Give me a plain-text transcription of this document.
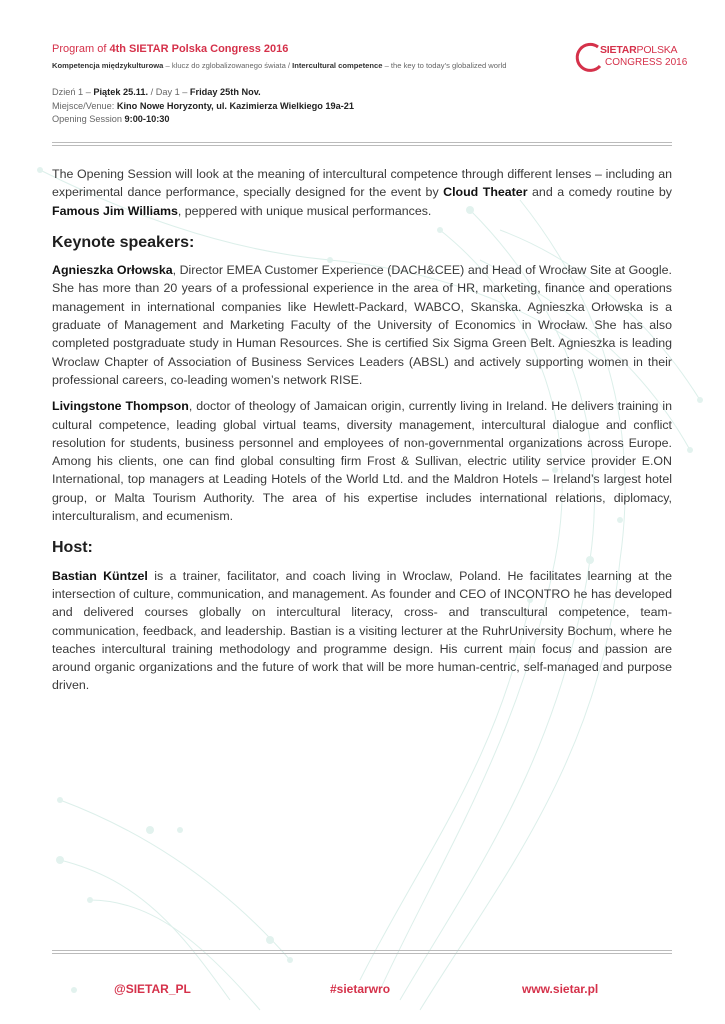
Program of 4th SIETAR Polska Congress 2016
Kompetencja międzykulturowa – klucz do zglobalizowanego świata / Intercultural competence – the key to today’s globalized world
Dzień 1 – Piątek 25.11. / Day 1 – Friday 25th Nov.
Miejsce/Venue: Kino Nowe Horyzonty, ul. Kazimierza Wielkiego 19a-21
Opening Session 9:00-10:30
SIETARPOLSKA
CONGRESS 2016

The Opening Session will look at the meaning of intercultural competence through different lenses – including an experimental dance performance, specially designed for the event by Cloud Theater and a comedy routine by Famous Jim Williams, peppered with unique musical performances.

Keynote speakers:

Agnieszka Orłowska, Director EMEA Customer Experience (DACH&CEE) and Head of Wrocław Site at Google. She has more than 20 years of a professional experience in the area of HR, marketing, finance and operations management in international companies like Hewlett-Packard, WABCO, Skanska. Agnieszka Orłowska is a graduate of Management and Marketing Faculty of the University of Economics in Wrocław. She has also completed postgraduate study in Human Resources. She is certified Six Sigma Green Belt. Agnieszka is leading Wroclaw Chapter of Association of Business Services Leaders (ABSL) and actively supporting women in their professional careers, co-leading women’s network RISE.

Livingstone Thompson, doctor of theology of Jamaican origin, currently living in Ireland. He delivers training in cultural competence, leading global virtual teams, diversity management, intercultural dialogue and conflict resolution for students, business personnel and employees of non-governmental organizations across Europe. Among his clients, one can find global consulting firm Frost & Sullivan, electric utility service provider E.ON International, top managers at Leading Hotels of the World Ltd. and the Maldron Hotels – Ireland’s largest hotel group, or Malta Tourism Authority. The area of his expertise includes international relations, diplomacy, interculturalism, and ecumenism.

Host:

Bastian Küntzel is a trainer, facilitator, and coach living in Wroclaw, Poland. He facilitates learning at the intersection of culture, communication, and management. As founder and CEO of INCONTRO he has developed and delivered courses globally on intercultural literacy, cross- and transcultural competence, team-communication, feedback, and leadership. Bastian is a visiting lecturer at the RuhrUniversity Bochum, where he teaches intercultural training methodology and programme design. His current main focus and passion are around organic organizations and the future of work that will be more human-centric, self-managed and purpose driven.

@SIETAR_PL	#sietarwro	www.sietar.pl
